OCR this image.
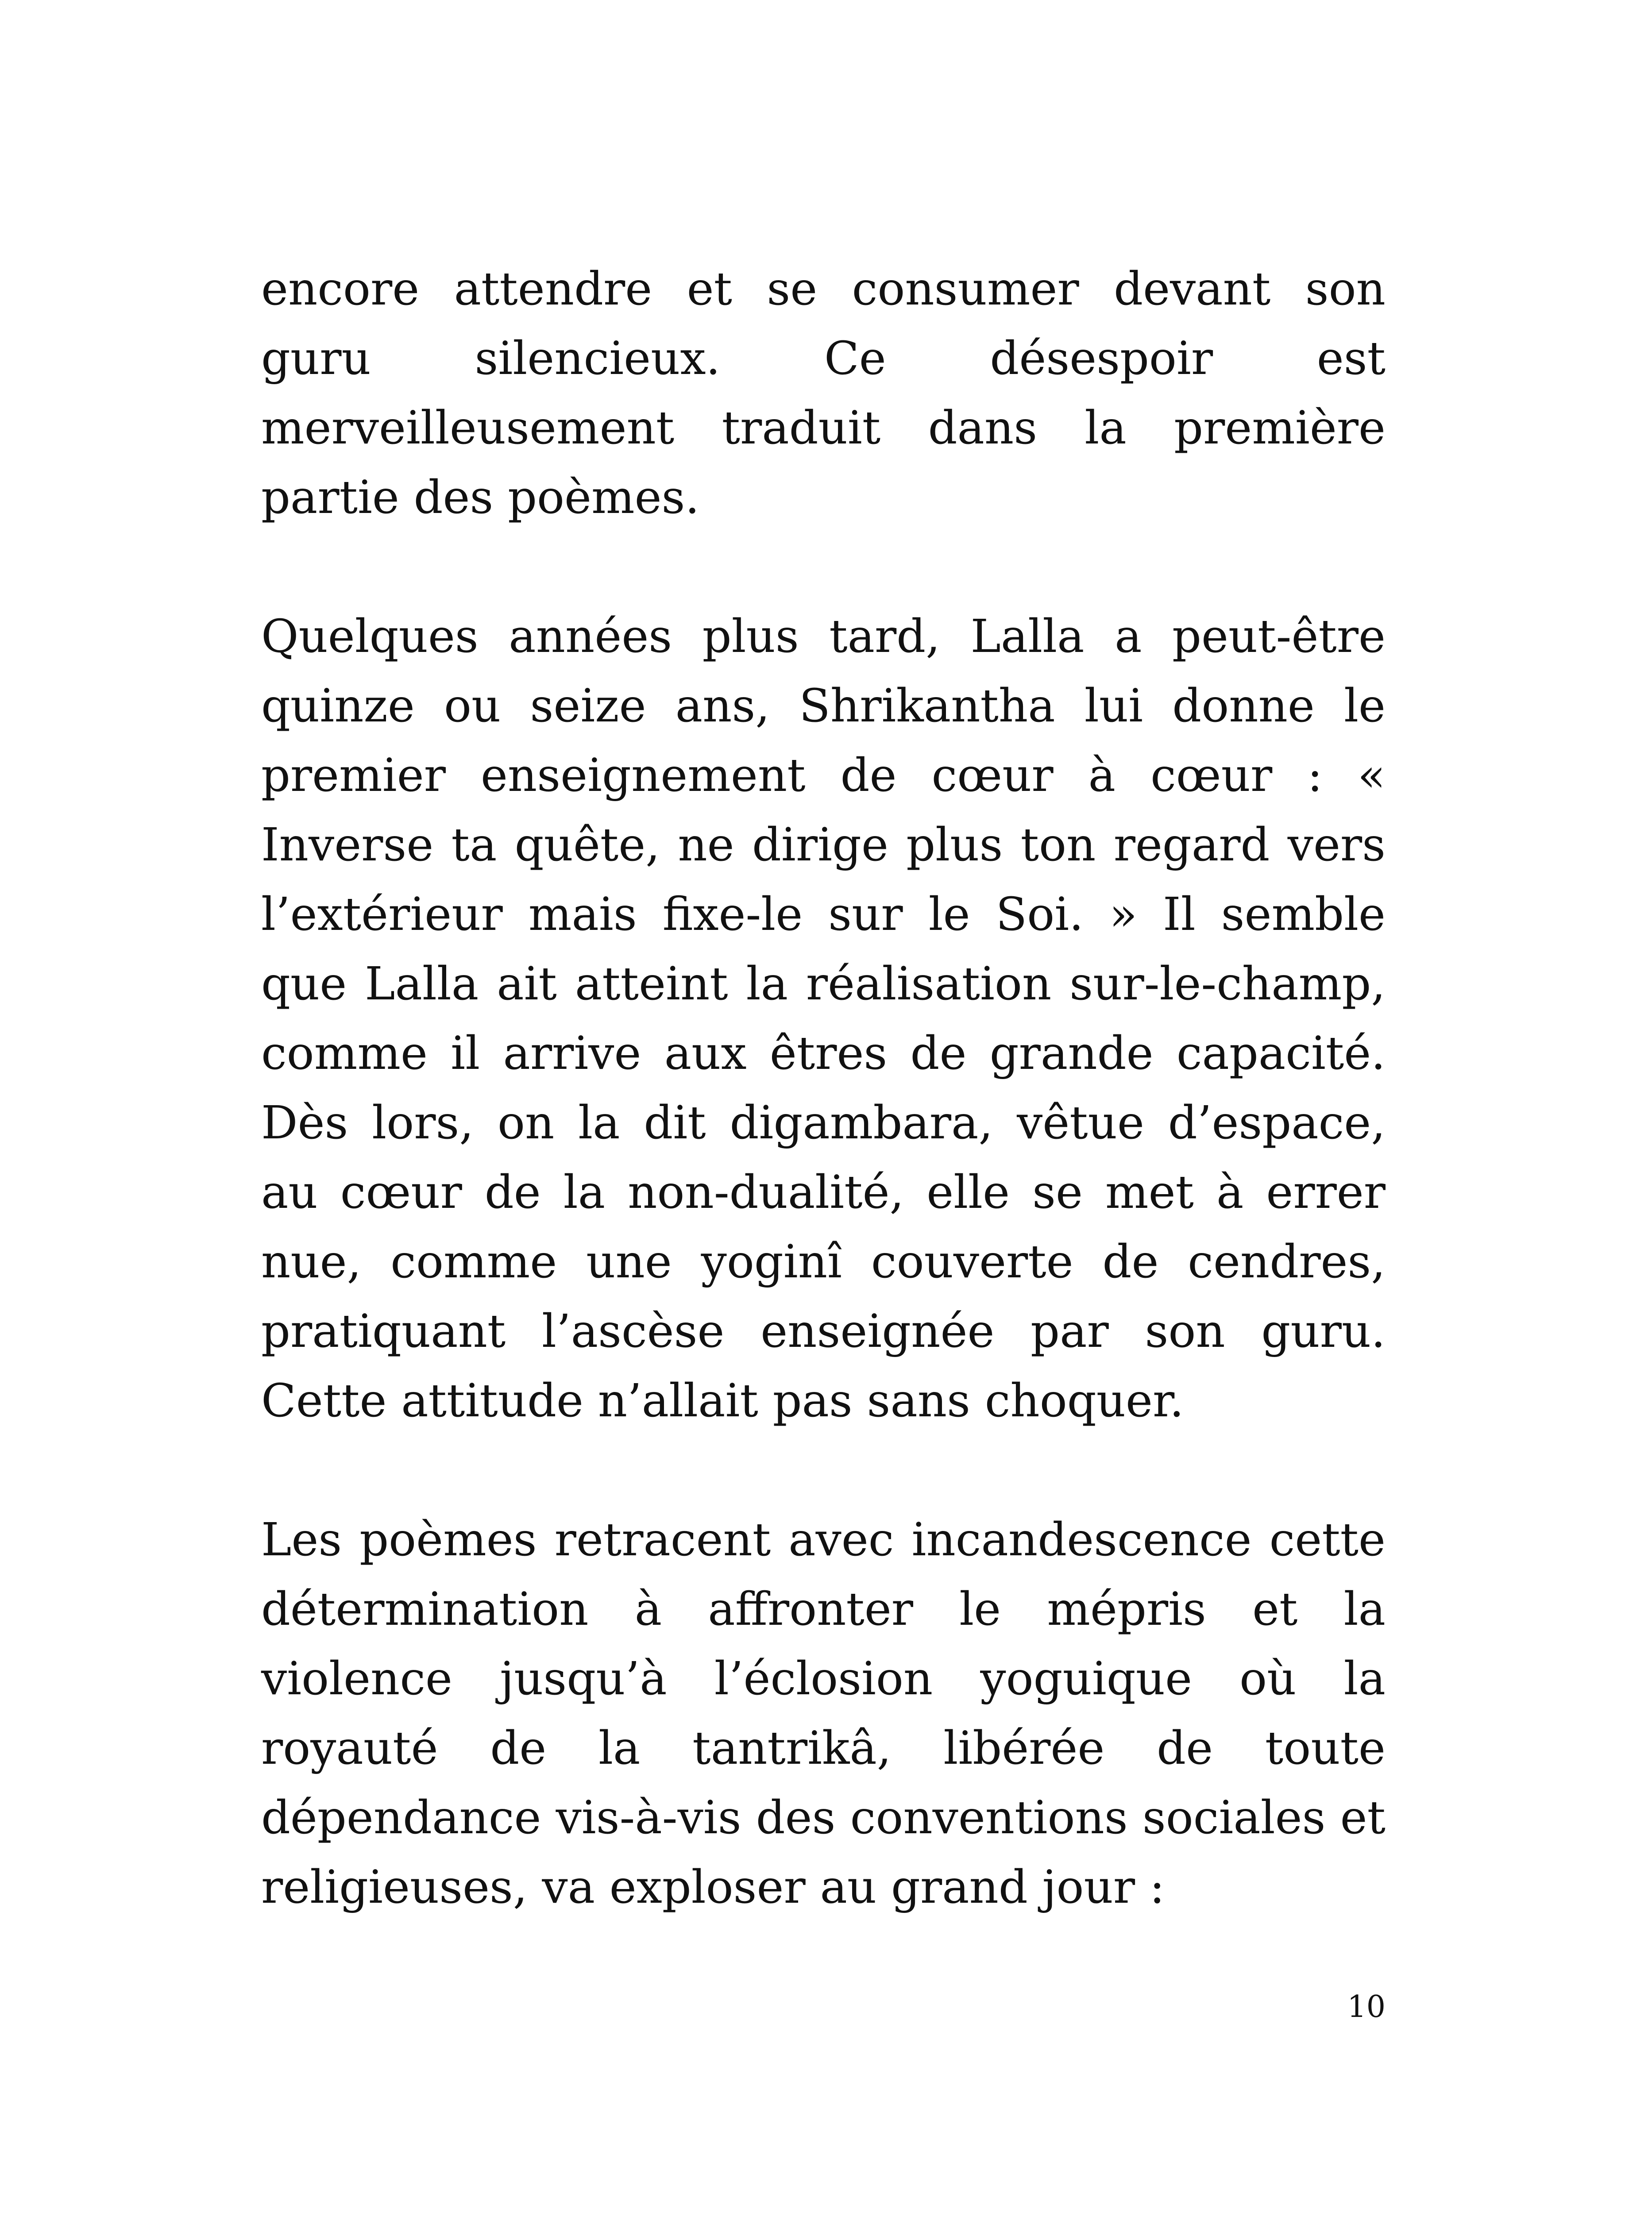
encore attendre et se consumer devant son guru silencieux. Ce désespoir est merveilleusement traduit dans la première partie des poèmes.

Quelques années plus tard, Lalla a peut-être quinze ou seize ans, Shrikantha lui donne le premier enseignement de cœur à cœur : « Inverse ta quête, ne dirige plus ton regard vers l’extérieur mais fixe-le sur le Soi. » Il semble que Lalla ait atteint la réalisation sur-le-champ, comme il arrive aux êtres de grande capacité. Dès lors, on la dit digambara, vêtue d’espace, au cœur de la non-dualité, elle se met à errer nue, comme une yoginî couverte de cendres, pratiquant l’ascèse enseignée par son guru. Cette attitude n’allait pas sans choquer.

Les poèmes retracent avec incandescence cette détermination à affronter le mépris et la violence jusqu’à l’éclosion yoguique où la royauté de la tantrikâ, libérée de toute dépendance vis-à-vis des conventions sociales et religieuses, va exploser au grand jour :

10
